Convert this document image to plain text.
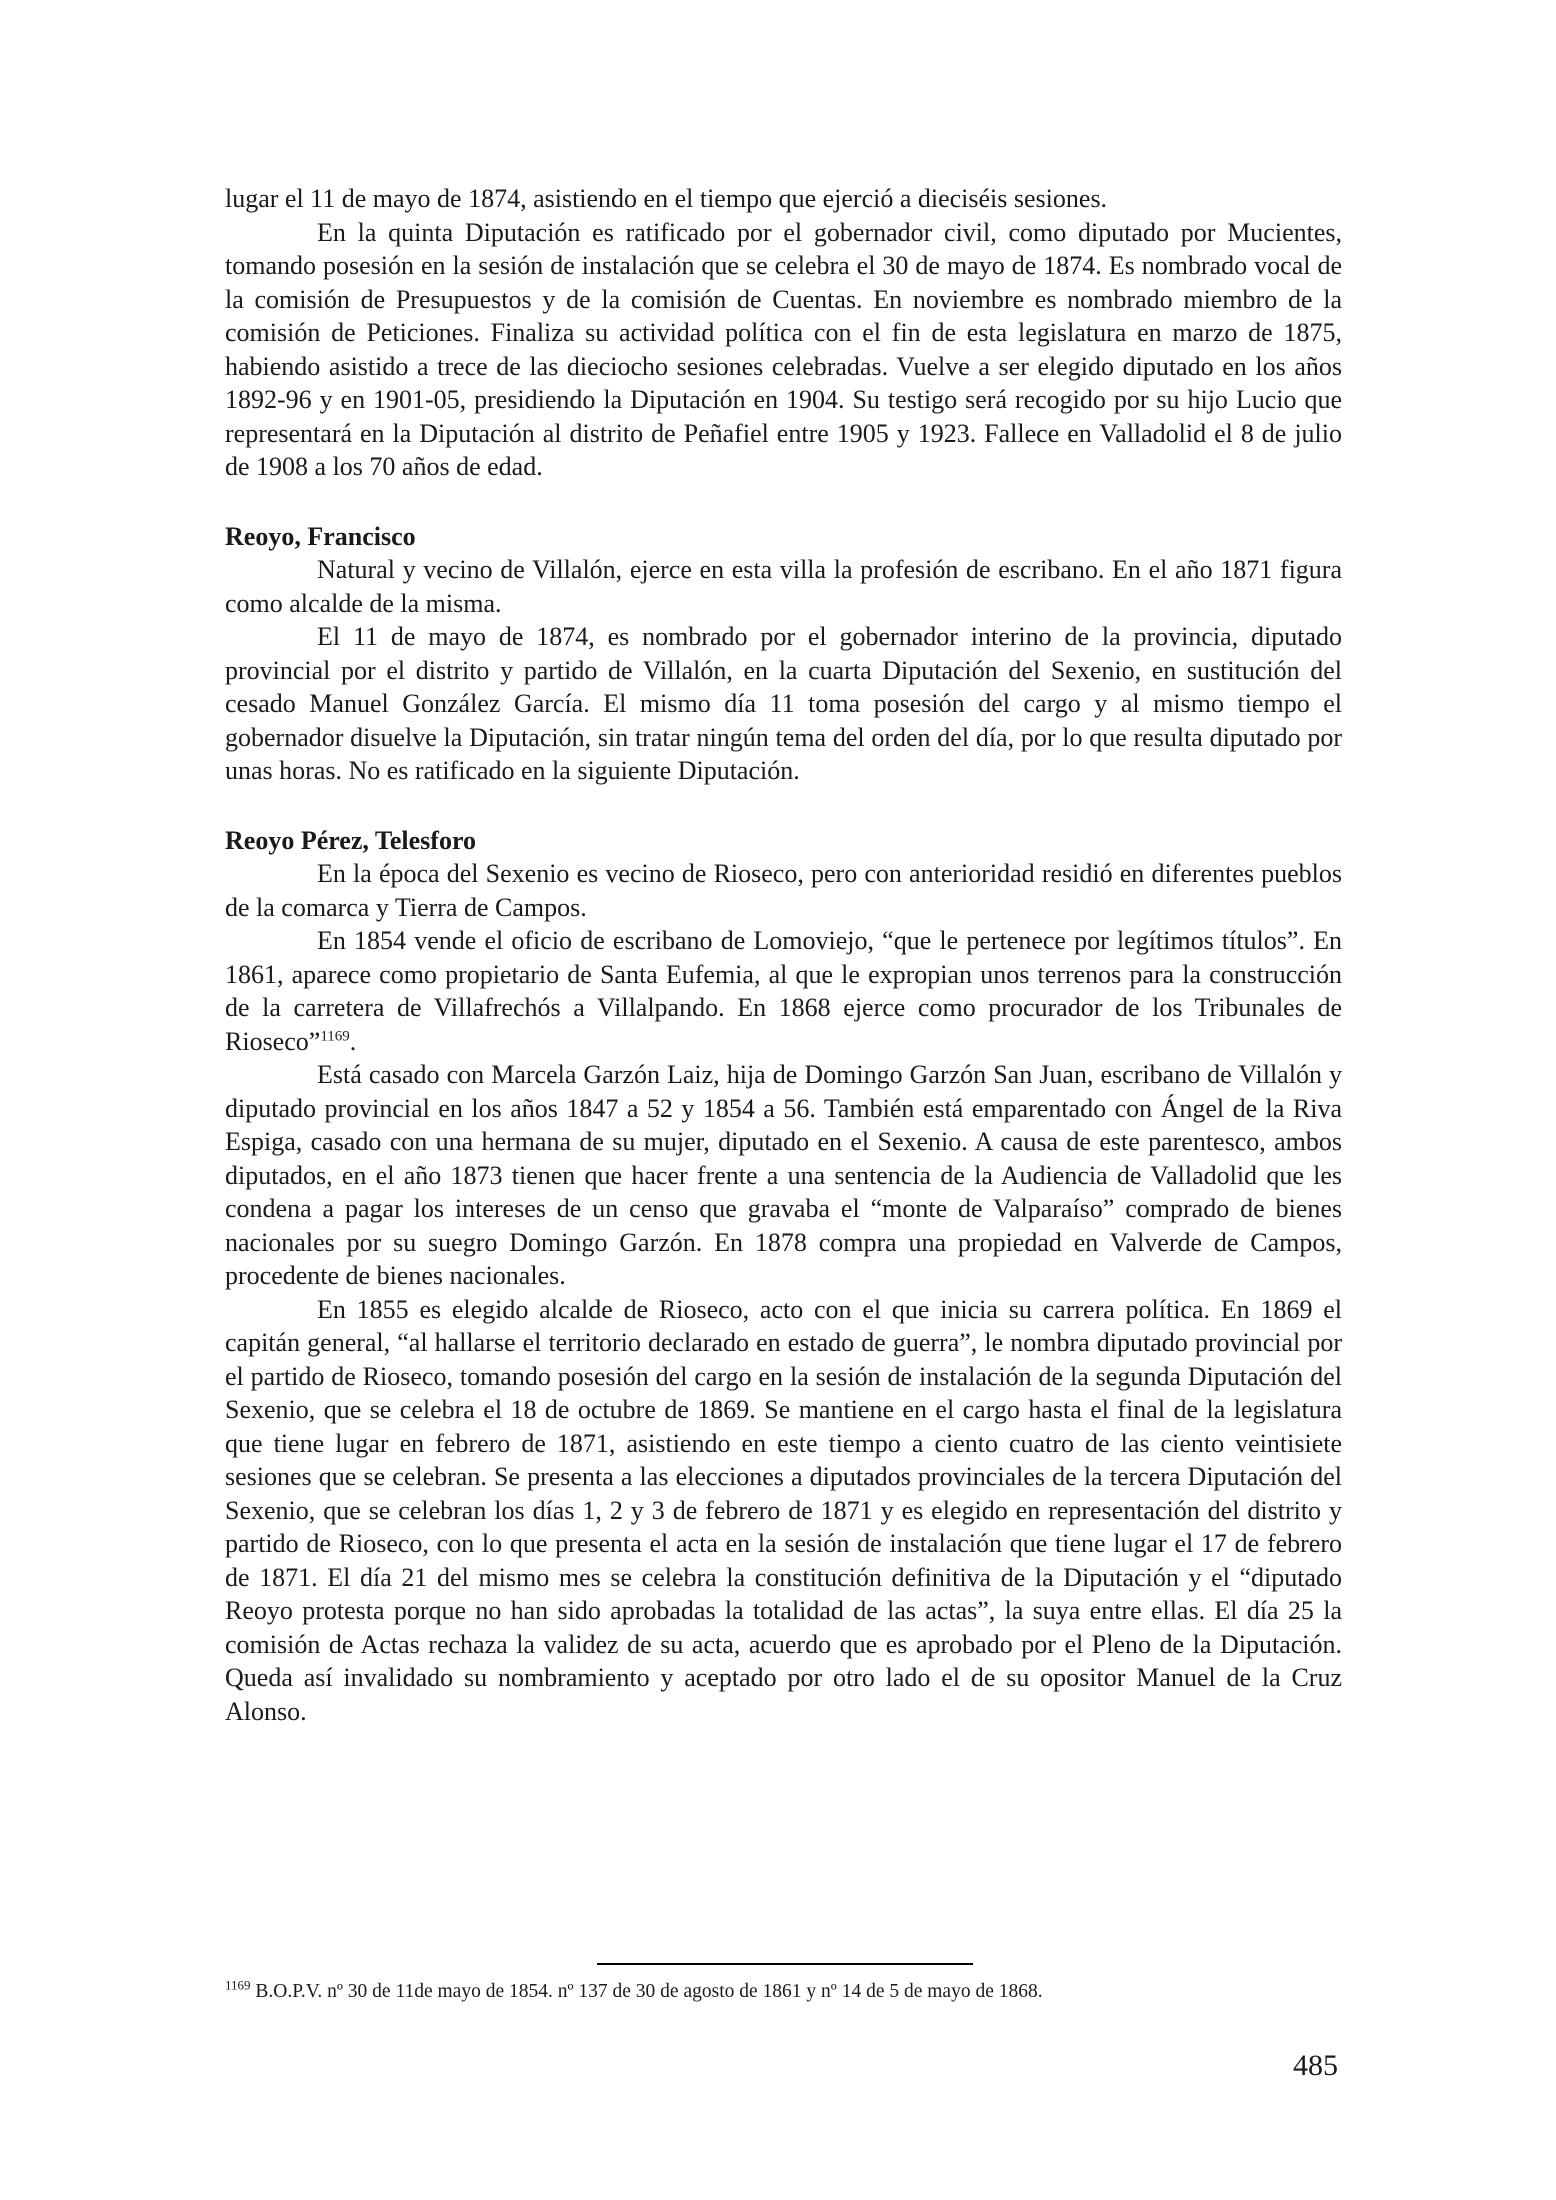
lugar el 11 de mayo de 1874, asistiendo en el tiempo que ejerció a dieciséis sesiones.

En la quinta Diputación es ratificado por el gobernador civil, como diputado por Mucientes, tomando posesión en la sesión de instalación que se celebra el 30 de mayo de 1874. Es nombrado vocal de la comisión de Presupuestos y de la comisión de Cuentas. En noviembre es nombrado miembro de la comisión de Peticiones. Finaliza su actividad política con el fin de esta legislatura en marzo de 1875, habiendo asistido a trece de las dieciocho sesiones celebradas. Vuelve a ser elegido diputado en los años 1892-96 y en 1901-05, presidiendo la Diputación en 1904. Su testigo será recogido por su hijo Lucio que representará en la Diputación al distrito de Peñafiel entre 1905 y 1923. Fallece en Valladolid el 8 de julio de 1908 a los 70 años de edad.

Reoyo, Francisco

Natural y vecino de Villalón, ejerce en esta villa la profesión de escribano. En el año 1871 figura como alcalde de la misma.

El 11 de mayo de 1874, es nombrado por el gobernador interino de la provincia, diputado provincial por el distrito y partido de Villalón, en la cuarta Diputación del Sexenio, en sustitución del cesado Manuel González García. El mismo día 11 toma posesión del cargo y al mismo tiempo el gobernador disuelve la Diputación, sin tratar ningún tema del orden del día, por lo que resulta diputado por unas horas. No es ratificado en la siguiente Diputación.

Reoyo Pérez, Telesforo

En la época del Sexenio es vecino de Rioseco, pero con anterioridad residió en diferentes pueblos de la comarca y Tierra de Campos.

En 1854 vende el oficio de escribano de Lomoviejo, “que le pertenece por legítimos títulos”. En 1861, aparece como propietario de Santa Eufemia, al que le expropian unos terrenos para la construcción de la carretera de Villafrechós a Villalpando. En 1868 ejerce como procurador de los Tribunales de Rioseco”$^{1169}$.

Está casado con Marcela Garzón Laiz, hija de Domingo Garzón San Juan, escribano de Villalón y diputado provincial en los años 1847 a 52 y 1854 a 56. También está emparentado con Ángel de la Riva Espiga, casado con una hermana de su mujer, diputado en el Sexenio. A causa de este parentesco, ambos diputados, en el año 1873 tienen que hacer frente a una sentencia de la Audiencia de Valladolid que les condena a pagar los intereses de un censo que gravaba el “monte de Valparaíso” comprado de bienes nacionales por su suegro Domingo Garzón. En 1878 compra una propiedad en Valverde de Campos, procedente de bienes nacionales.

En 1855 es elegido alcalde de Rioseco, acto con el que inicia su carrera política. En 1869 el capitán general, “al hallarse el territorio declarado en estado de guerra”, le nombra diputado provincial por el partido de Rioseco, tomando posesión del cargo en la sesión de instalación de la segunda Diputación del Sexenio, que se celebra el 18 de octubre de 1869. Se mantiene en el cargo hasta el final de la legislatura que tiene lugar en febrero de 1871, asistiendo en este tiempo a ciento cuatro de las ciento veintisiete sesiones que se celebran. Se presenta a las elecciones a diputados provinciales de la tercera Diputación del Sexenio, que se celebran los días 1, 2 y 3 de febrero de 1871 y es elegido en representación del distrito y partido de Rioseco, con lo que presenta el acta en la sesión de instalación que tiene lugar el 17 de febrero de 1871. El día 21 del mismo mes se celebra la constitución definitiva de la Diputación y el “diputado Reoyo protesta porque no han sido aprobadas la totalidad de las actas”, la suya entre ellas. El día 25 la comisión de Actas rechaza la validez de su acta, acuerdo que es aprobado por el Pleno de la Diputación. Queda así invalidado su nombramiento y aceptado por otro lado el de su opositor Manuel de la Cruz Alonso.

$^{1169}$ B.O.P.V. nº 30 de 11de mayo de 1854. nº 137 de 30 de agosto de 1861 y nº 14 de 5 de mayo de 1868.
485
